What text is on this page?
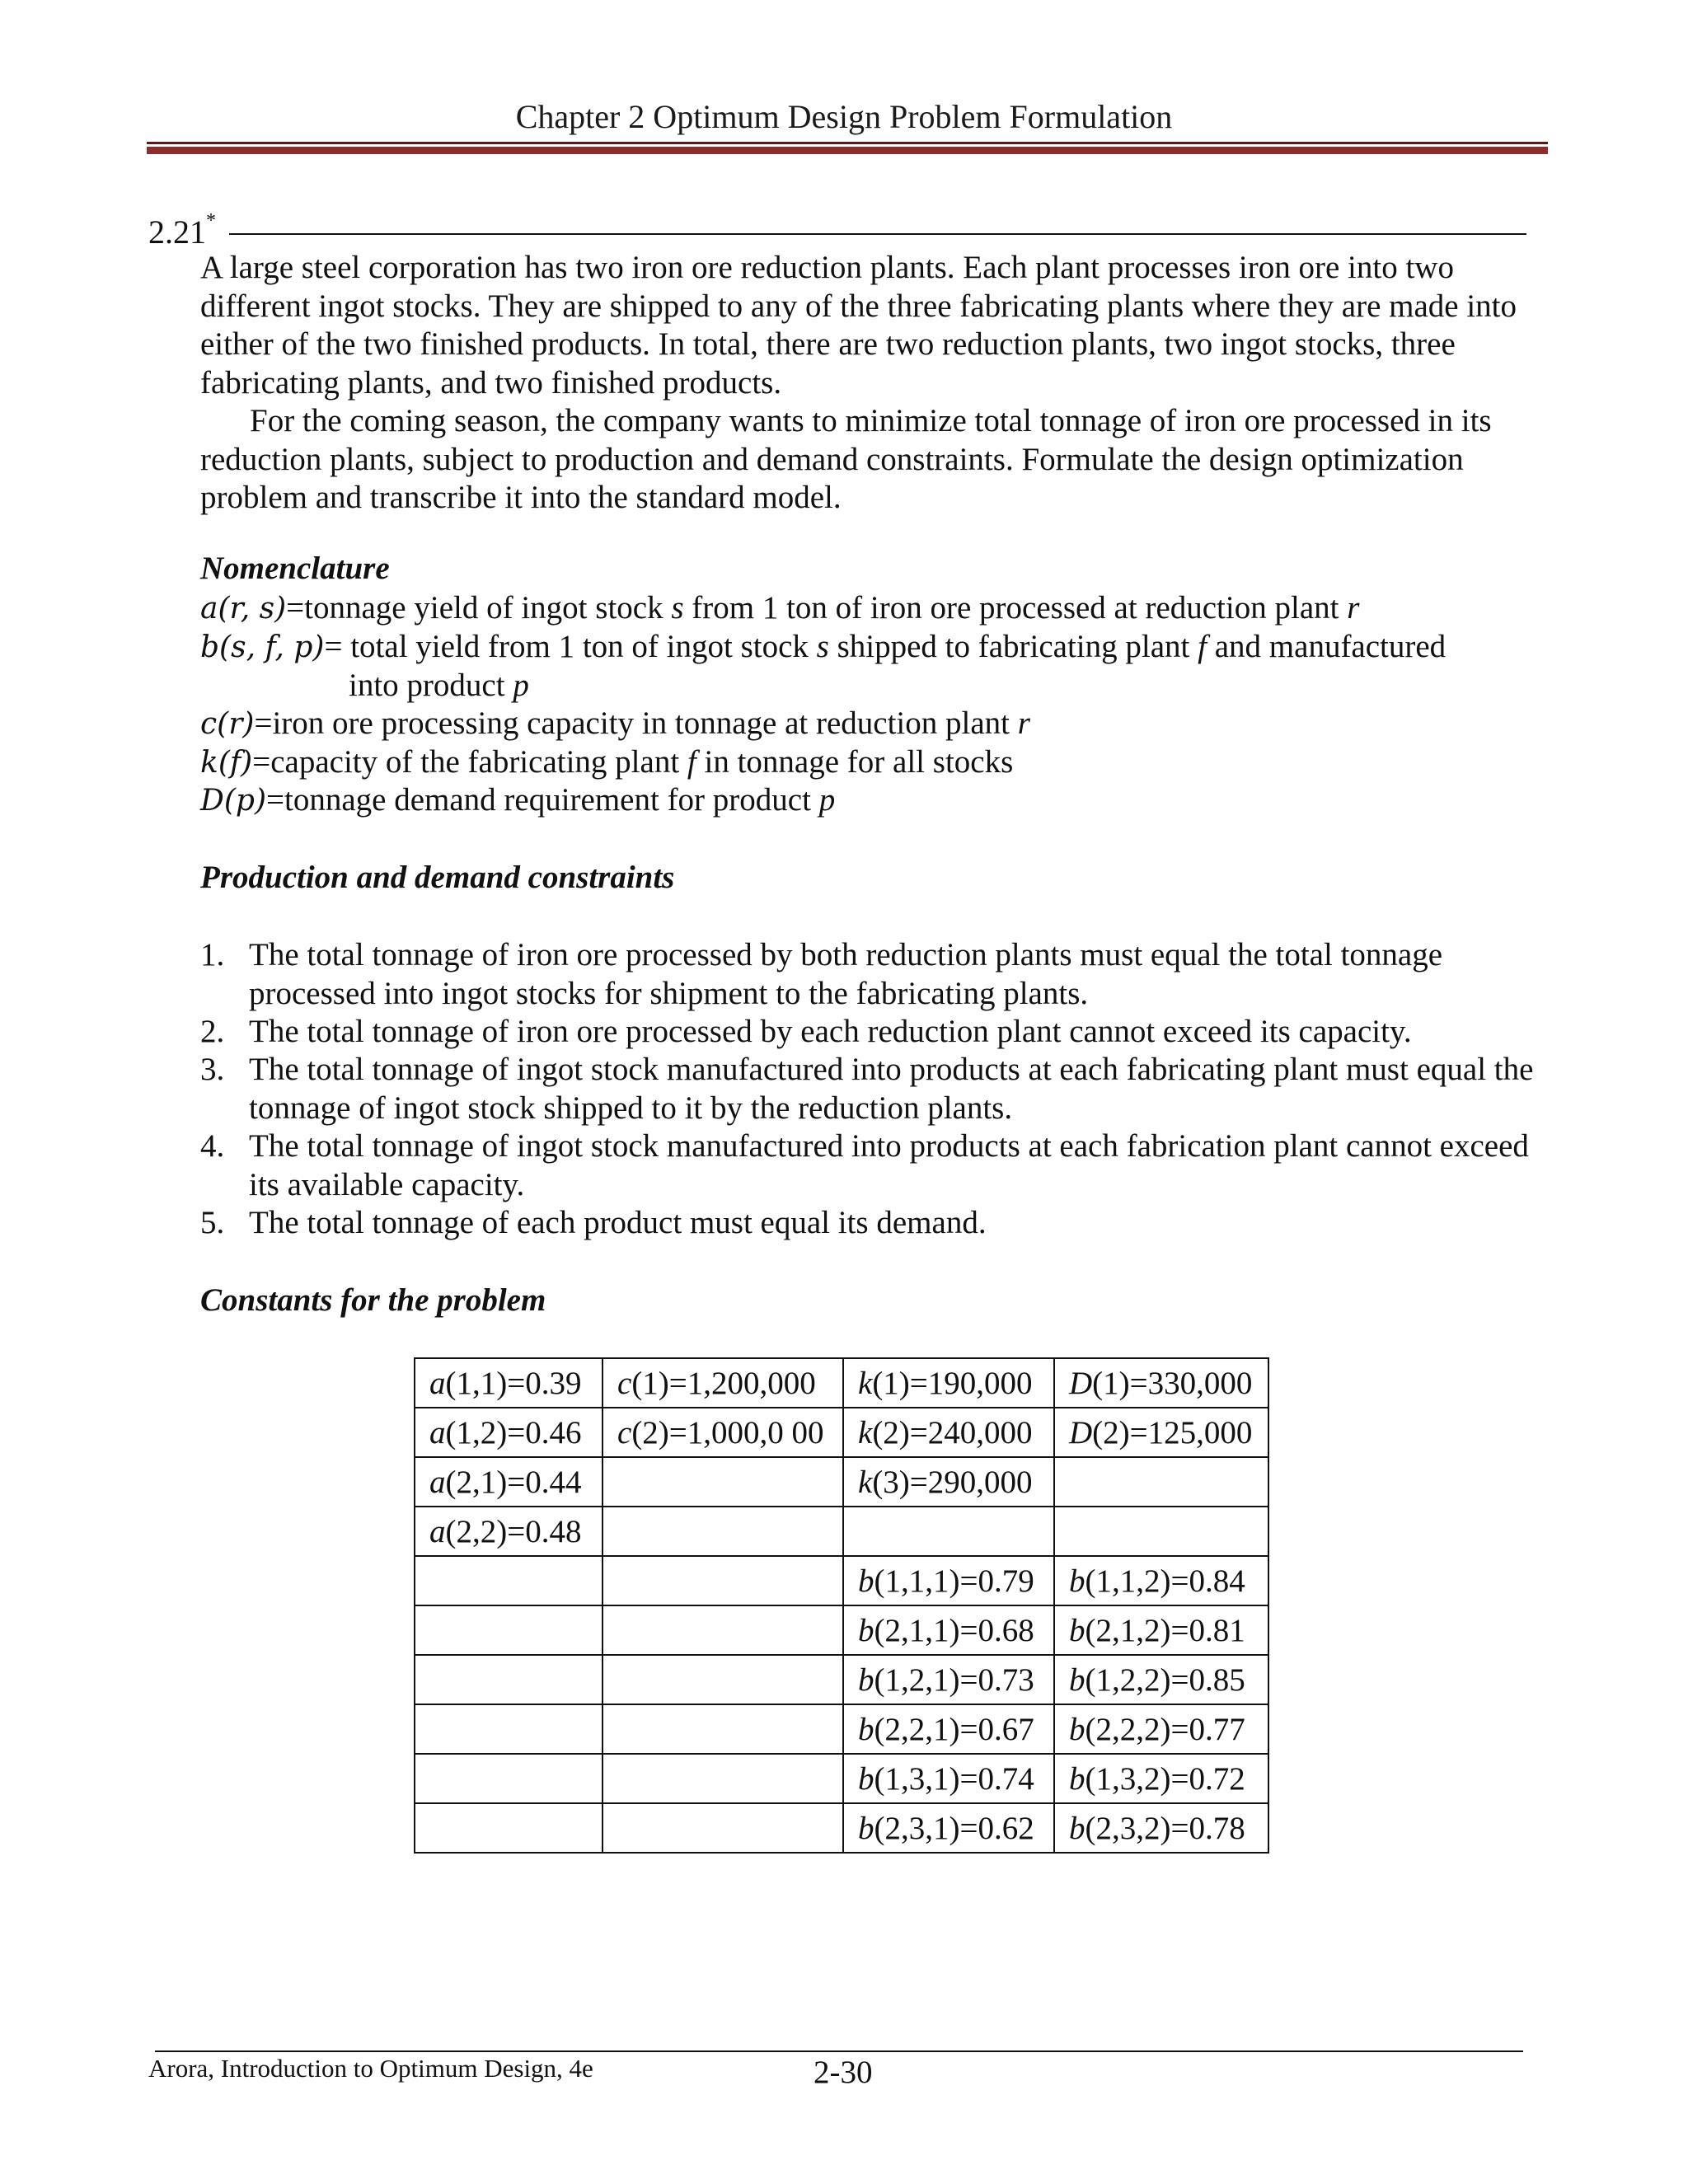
Chapter 2 Optimum Design Problem Formulation
2.21*
A large steel corporation has two iron ore reduction plants. Each plant processes iron ore into two different ingot stocks. They are shipped to any of the three fabricating plants where they are made into either of the two finished products. In total, there are two reduction plants, two ingot stocks, three fabricating plants, and two finished products.
For the coming season, the company wants to minimize total tonnage of iron ore processed in its reduction plants, subject to production and demand constraints. Formulate the design optimization problem and transcribe it into the standard model.
Nomenclature
a(r, s)=tonnage yield of ingot stock s from 1 ton of iron ore processed at reduction plant r
b(s, f, p)= total yield from 1 ton of ingot stock s shipped to fabricating plant f and manufactured
into product p
c(r)=iron ore processing capacity in tonnage at reduction plant r
k(f)=capacity of the fabricating plant f in tonnage for all stocks
D(p)=tonnage demand requirement for product p
Production and demand constraints
1. The total tonnage of iron ore processed by both reduction plants must equal the total tonnage processed into ingot stocks for shipment to the fabricating plants.
2. The total tonnage of iron ore processed by each reduction plant cannot exceed its capacity.
3. The total tonnage of ingot stock manufactured into products at each fabricating plant must equal the tonnage of ingot stock shipped to it by the reduction plants.
4. The total tonnage of ingot stock manufactured into products at each fabrication plant cannot exceed its available capacity.
5. The total tonnage of each product must equal its demand.
Constants for the problem
a(1,1)=0.39	c(1)=1,200,000	k(1)=190,000	D(1)=330,000
a(1,2)=0.46	c(2)=1,000,0 00	k(2)=240,000	D(2)=125,000
a(2,1)=0.44		k(3)=290,000	
a(2,2)=0.48			
		b(1,1,1)=0.79	b(1,1,2)=0.84
		b(2,1,1)=0.68	b(2,1,2)=0.81
		b(1,2,1)=0.73	b(1,2,2)=0.85
		b(2,2,1)=0.67	b(2,2,2)=0.77
		b(1,3,1)=0.74	b(1,3,2)=0.72
		b(2,3,1)=0.62	b(2,3,2)=0.78
Arora, Introduction to Optimum Design, 4e	2-30
